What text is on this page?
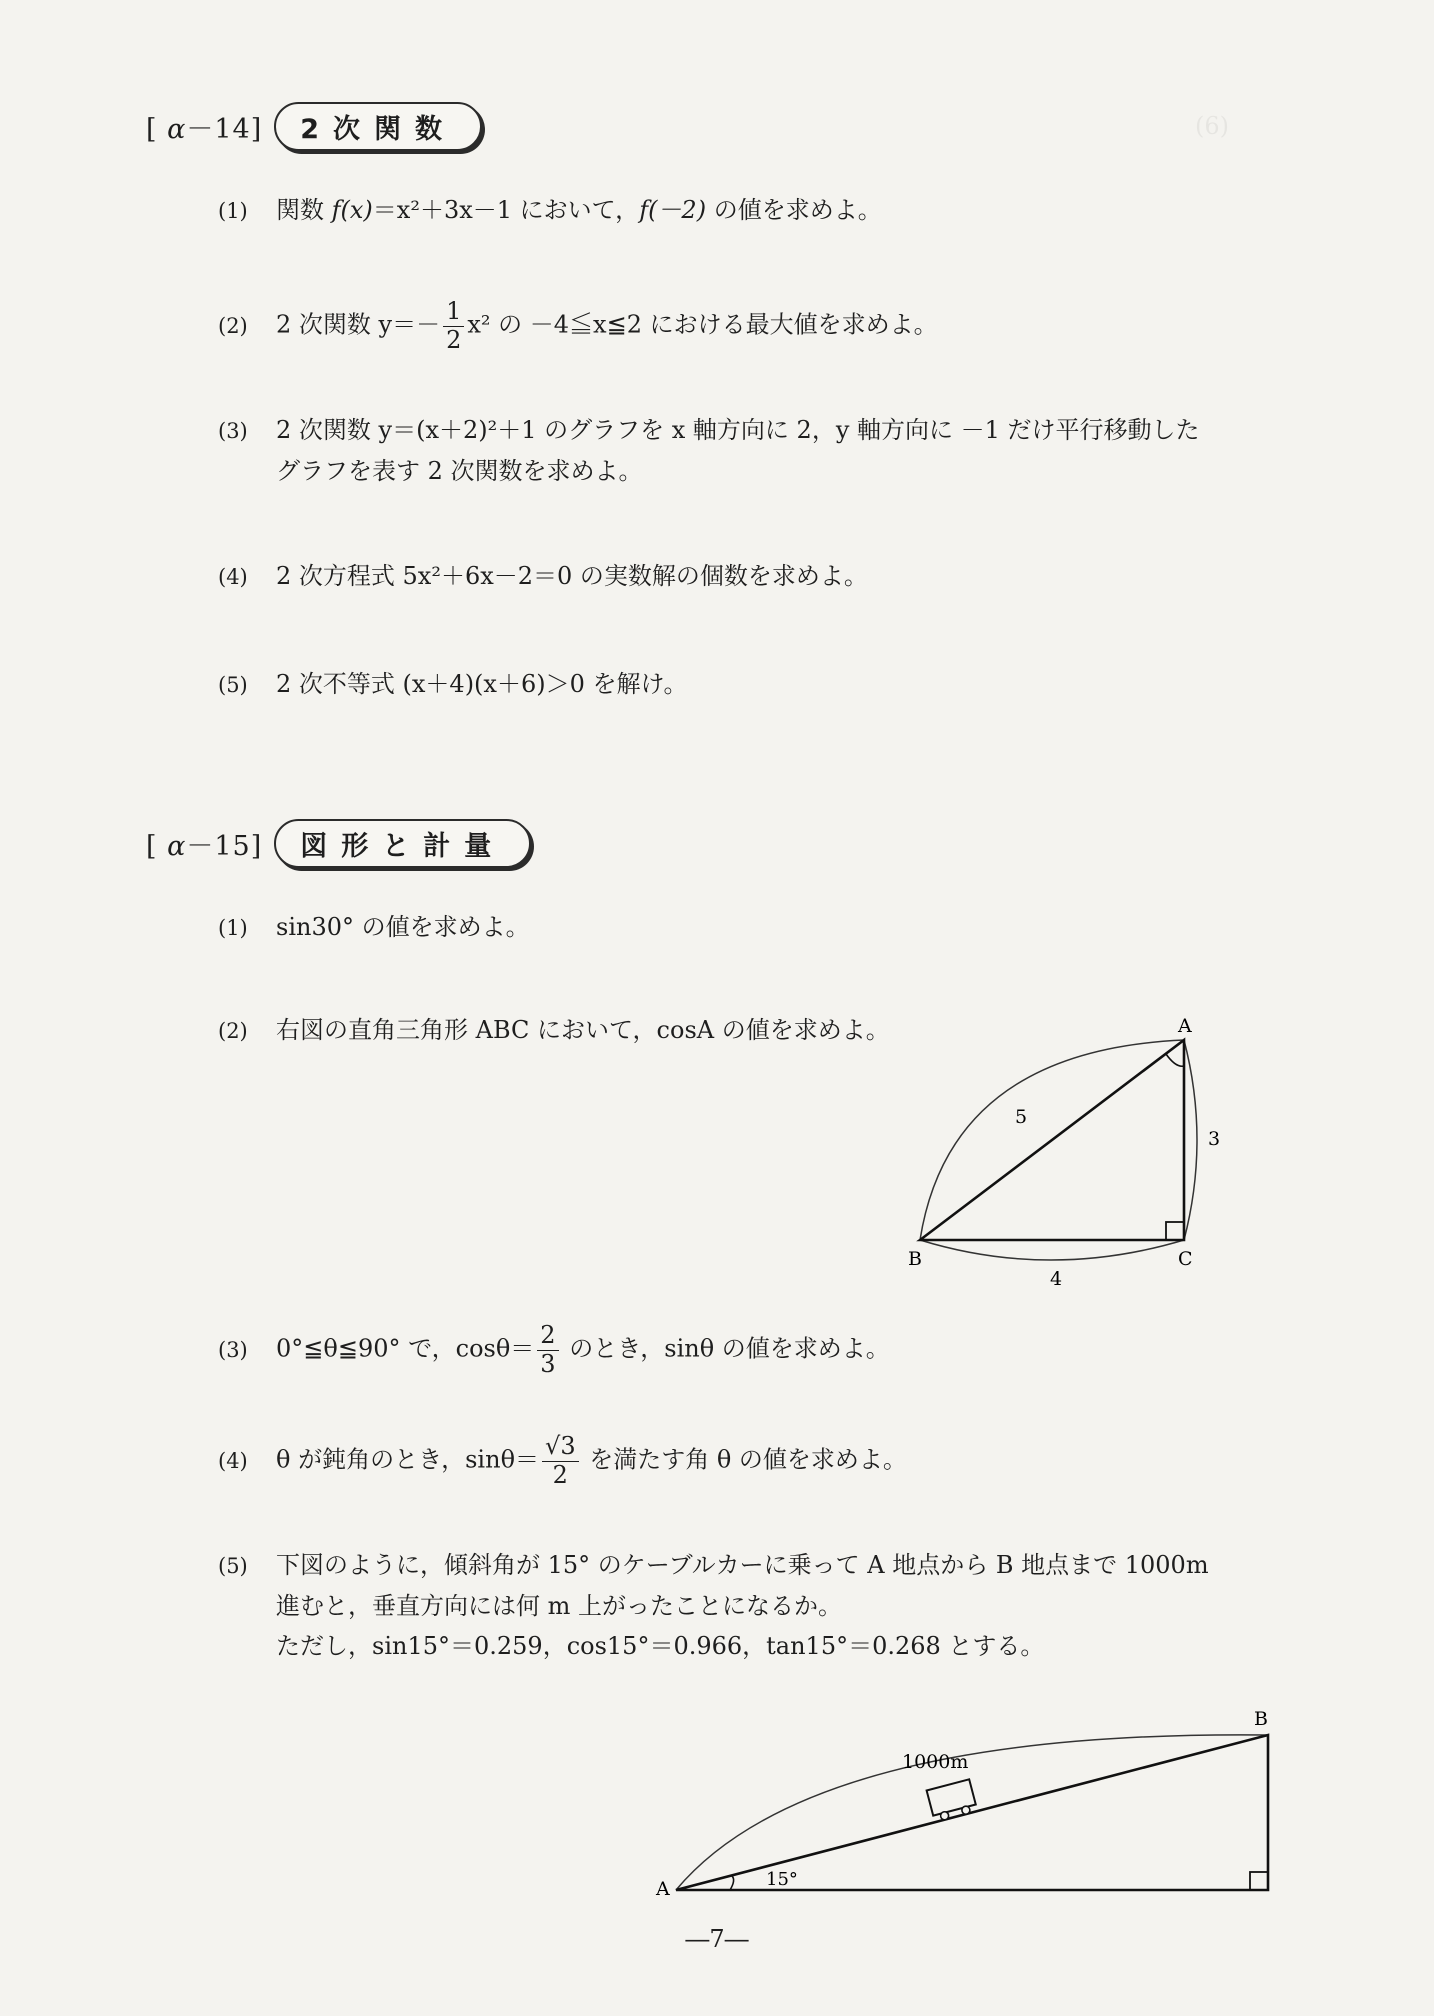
(6)
[ α－14]	2次関数
(1) 関数 f(x)＝x²＋3x－1 において，f(－2) の値を求めよ。
(2) 2 次関数 $y=- \frac{1}{2} x^2$ の －4≦x≦2 における最大値を求めよ。
(3) 2 次関数 y＝(x＋2)²＋1 のグラフを x 軸方向に 2，y 軸方向に －1 だけ平行移動した
グラフを表す 2 次関数を求めよ。
(4) 2 次方程式 5x²＋6x－2＝0 の実数解の個数を求めよ。
(5) 2 次不等式 (x＋4)(x＋6)＞0 を解け。
[ α－15]	図形と計量
(1) sin30° の値を求めよ。
(2) 右図の直角三角形 ABC において，cosA の値を求めよ。	A
B	C
5
3
4
(3) 0°≦θ≦90° で，$\cos\theta= \frac{2}{3}$ のとき，sinθ の値を求めよ。
(4) θ が鈍角のとき，$\sin\theta= \frac{√3}{2}$ を満たす角 θ の値を求めよ。
(5) 下図のように，傾斜角が 15° のケーブルカーに乗って A 地点から B 地点まで 1000m
進むと，垂直方向には何 m 上がったことになるか。
ただし，sin15°＝0.259，cos15°＝0.966，tan15°＝0.268 とする。
A
B
1000m
15°
―7―
